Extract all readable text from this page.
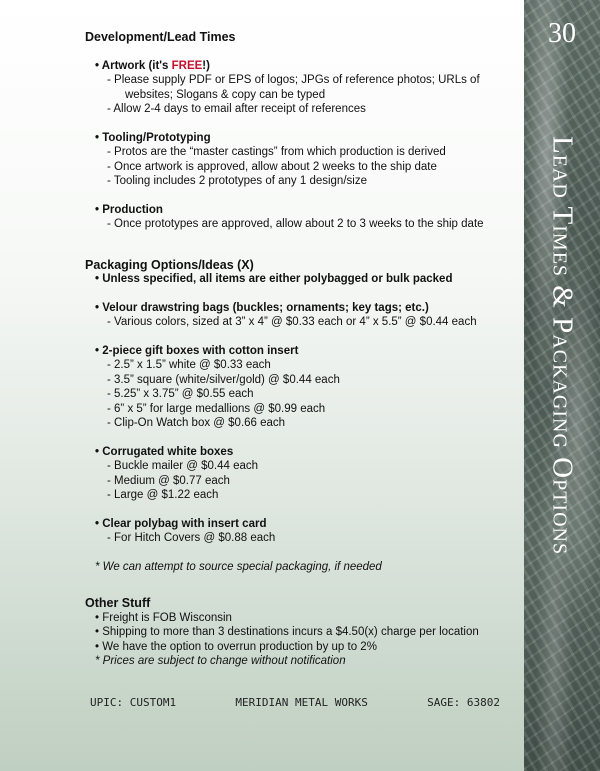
30
Lead Times & Packaging Options
Development/Lead Times
• Artwork (it's FREE!)
- Please supply PDF or EPS of logos; JPGs of reference photos; URLs of
websites; Slogans & copy can be typed
- Allow 2-4 days to email after receipt of references
• Tooling/Prototyping
- Protos are the “master castings” from which production is derived
- Once artwork is approved, allow about 2 weeks to the ship date
- Tooling includes 2 prototypes of any 1 design/size
• Production
- Once prototypes are approved, allow about 2 to 3 weeks to the ship date
Packaging Options/Ideas (X)
• Unless specified, all items are either polybagged or bulk packed
• Velour drawstring bags (buckles; ornaments; key tags; etc.)
- Various colors, sized at 3” x 4” @ $0.33 each or 4” x 5.5” @ $0.44 each
• 2-piece gift boxes with cotton insert
- 2.5” x 1.5” white @ $0.33 each
- 3.5” square (white/silver/gold) @ $0.44 each
- 5.25” x 3.75” @ $0.55 each
- 6” x 5” for large medallions @ $0.99 each
- Clip-On Watch box @ $0.66 each
• Corrugated white boxes
- Buckle mailer @ $0.44 each
- Medium @ $0.77 each
- Large @ $1.22 each
• Clear polybag with insert card
- For Hitch Covers @ $0.88 each
* We can attempt to source special packaging, if needed
Other Stuff
• Freight is FOB Wisconsin
• Shipping to more than 3 destinations incurs a $4.50(x) charge per location
• We have the option to overrun production by up to 2%
* Prices are subject to change without notification
UPIC: CUSTOM1	MERIDIAN METAL WORKS	SAGE: 63802
